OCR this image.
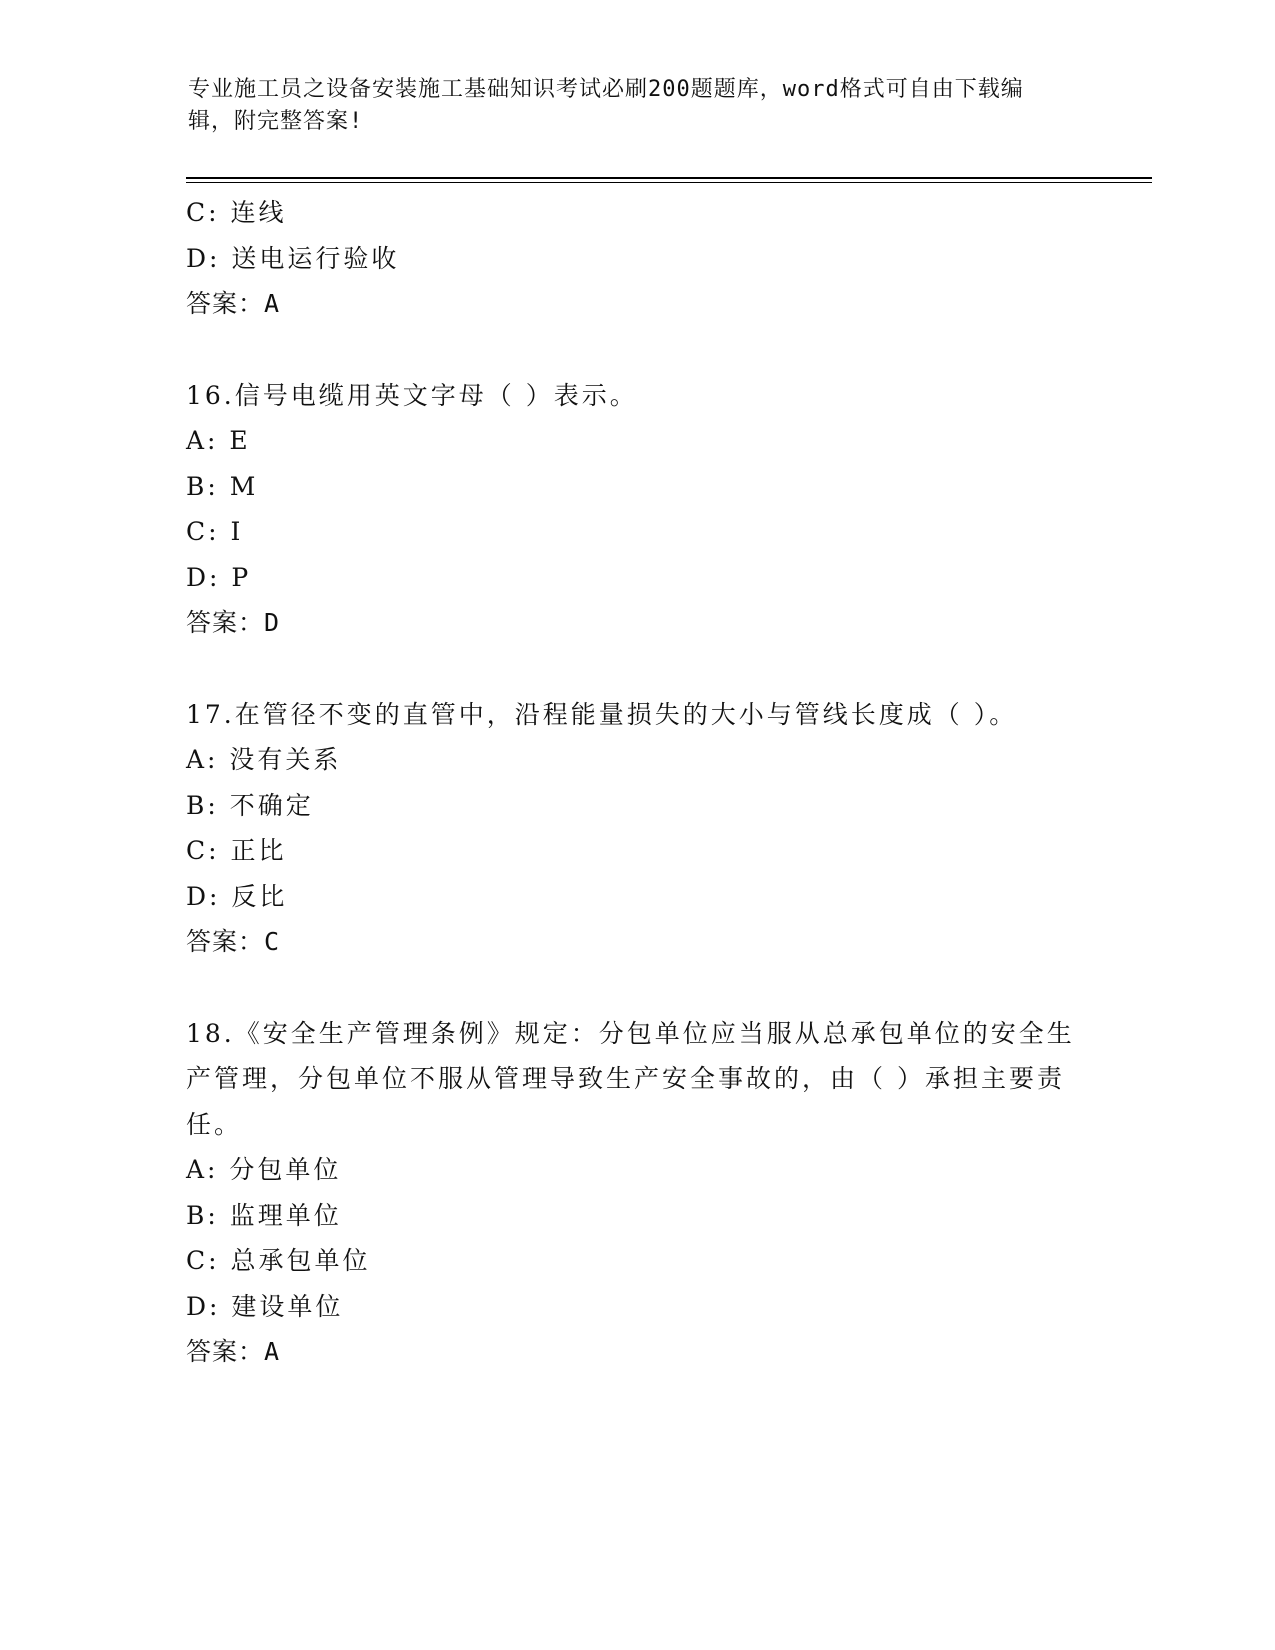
专业施工员之设备安装施工基础知识考试必刷200题题库，word格式可自由下载编辑，附完整答案!
C: 连线
D: 送电运行验收
答案：A
16.信号电缆用英文字母（ ）表示。
A: E
B: M
C: I
D: P
答案：D
17.在管径不变的直管中，沿程能量损失的大小与管线长度成（ ）。
A: 没有关系
B: 不确定
C: 正比
D: 反比
答案：C
18.《安全生产管理条例》规定：分包单位应当服从总承包单位的安全生产管理，分包单位不服从管理导致生产安全事故的，由（ ）承担主要责任。
A: 分包单位
B: 监理单位
C: 总承包单位
D: 建设单位
答案：A
